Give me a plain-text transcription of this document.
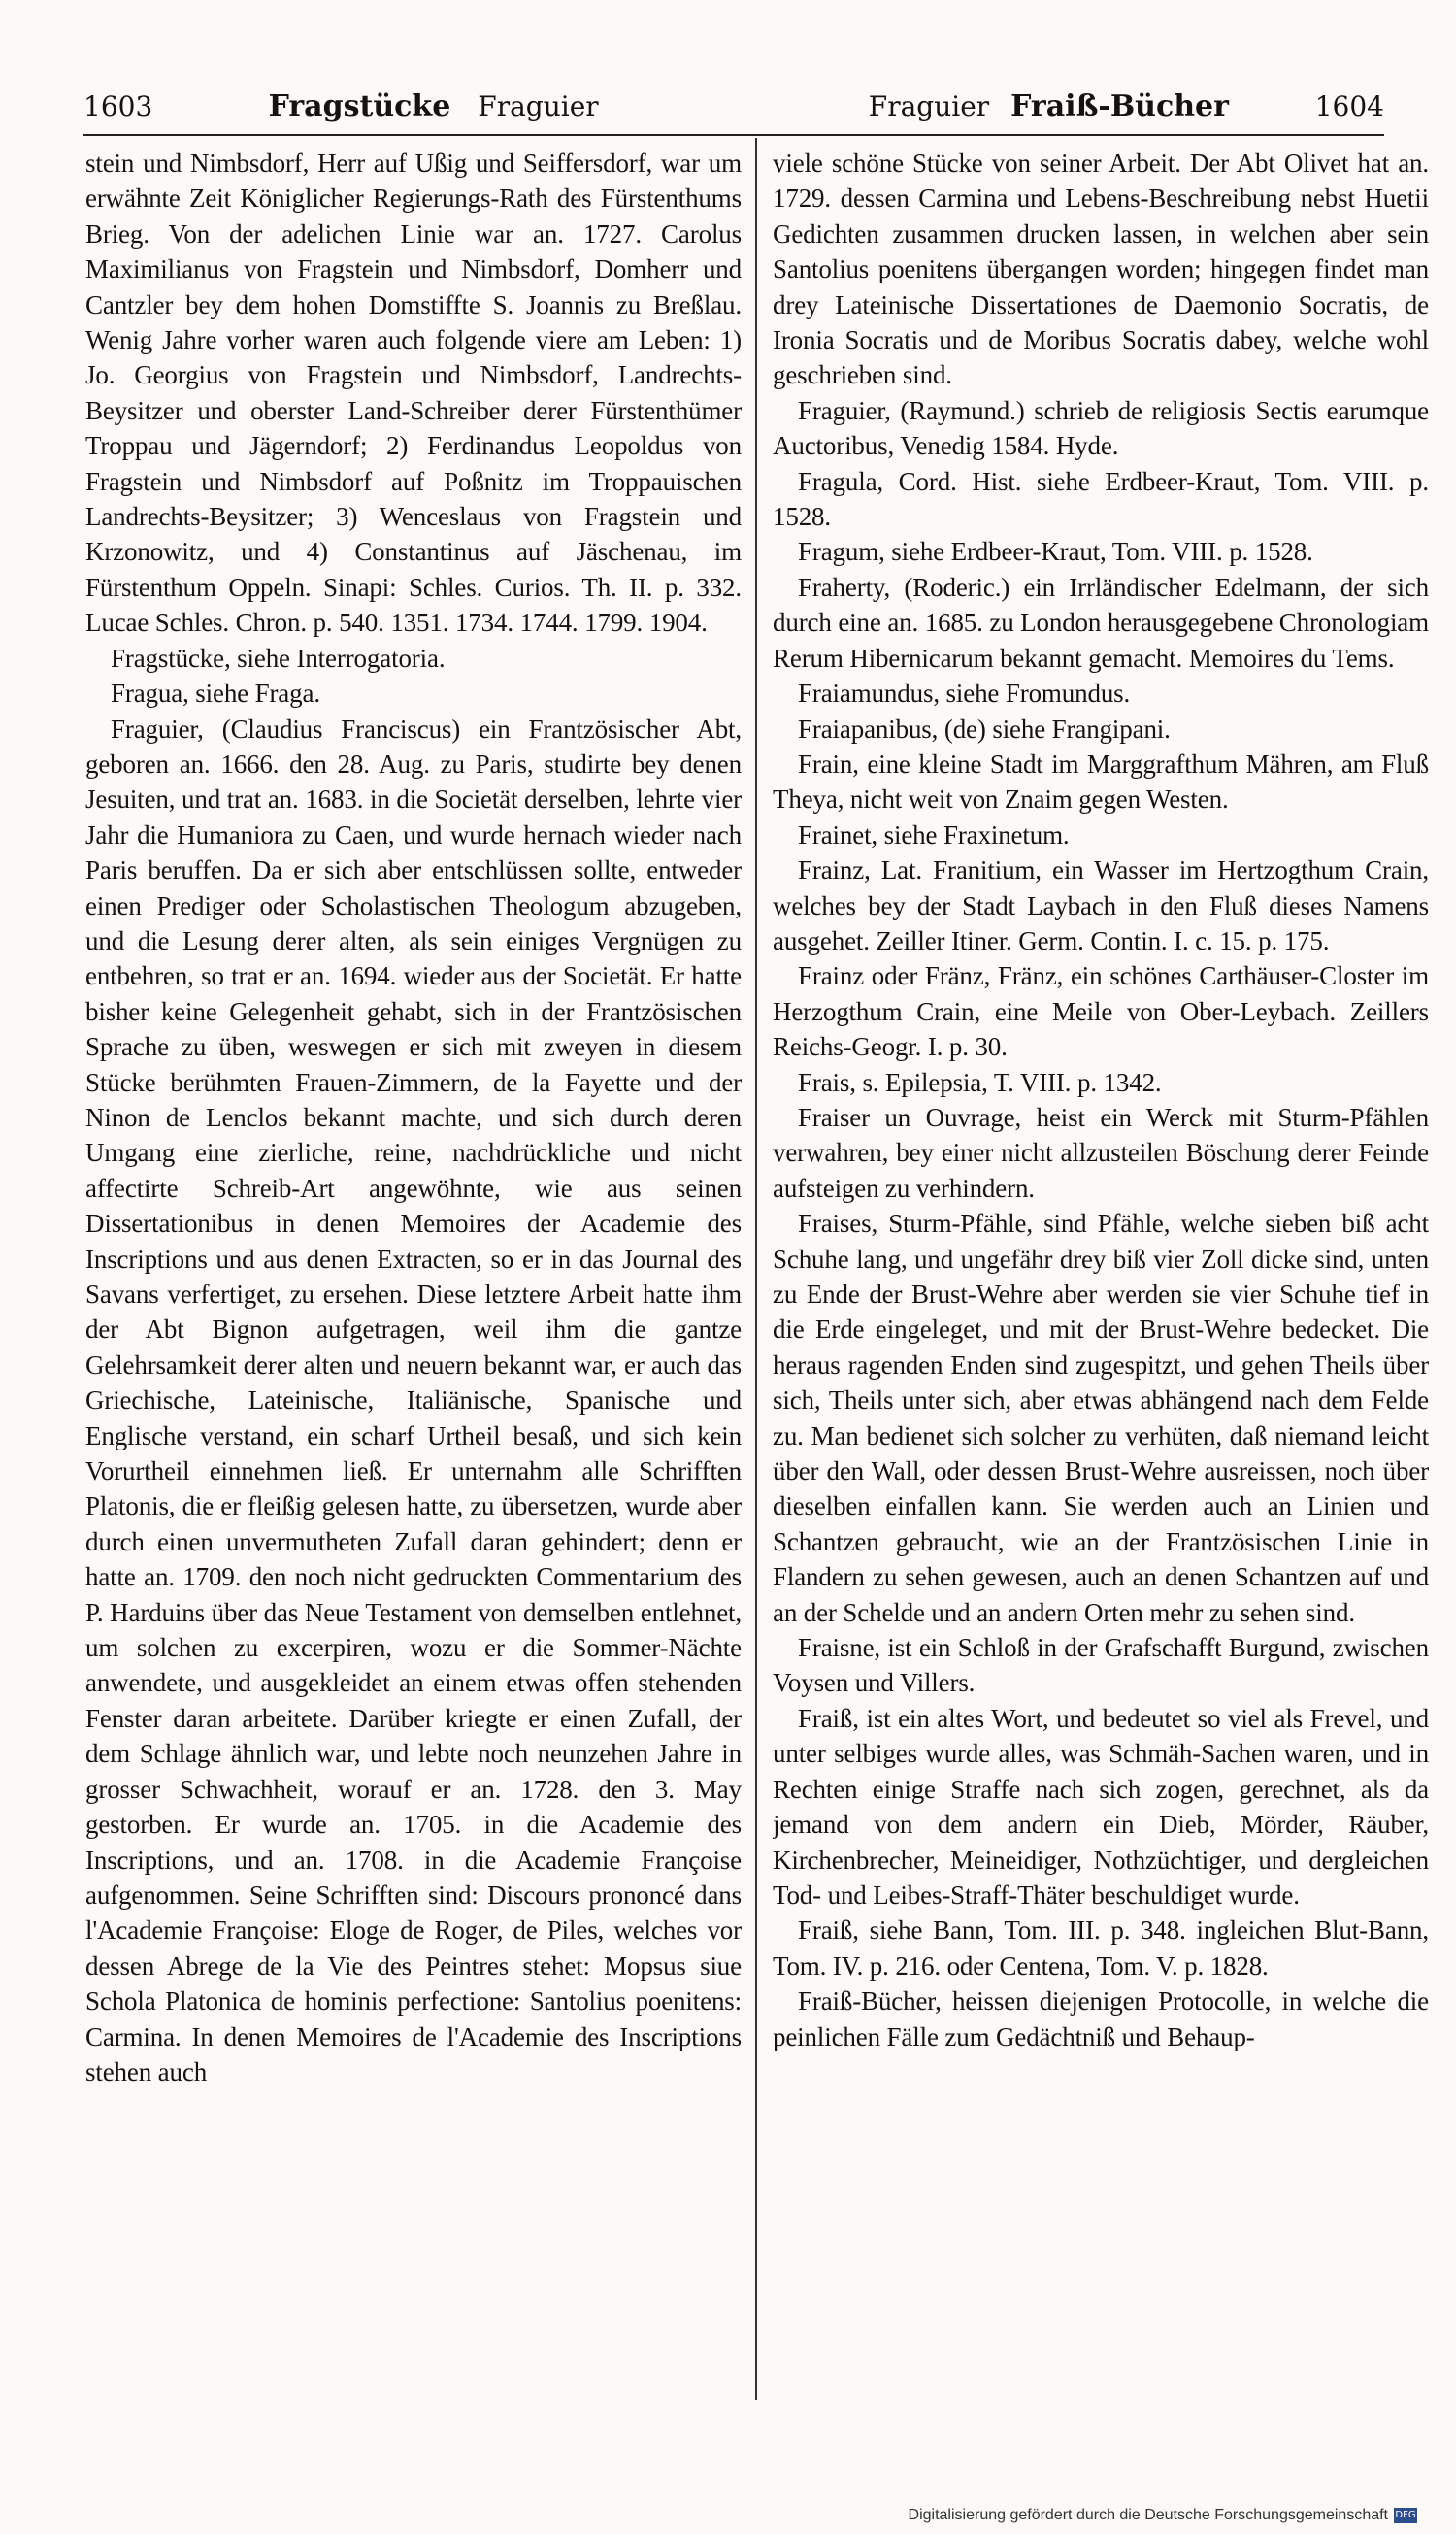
1603	Fragstücke Fraguier	Fraguier Fraiß-Bücher	1604

stein und Nimbsdorf, Herr auf Ußig und Seiffersdorf, war um erwähnte Zeit Königlicher Regierungs-Rath des Fürstenthums Brieg. Von der adelichen Linie war an. 1727. Carolus Maximilianus von Fragstein und Nimbsdorf, Domherr und Cantzler bey dem hohen Domstiffte S. Joannis zu Breßlau. Wenig Jahre vorher waren auch folgende viere am Leben: 1) Jo. Georgius von Fragstein und Nimbsdorf, Landrechts-Beysitzer und oberster Land-Schreiber derer Fürstenthümer Troppau und Jägerndorf; 2) Ferdinandus Leopoldus von Fragstein und Nimbsdorf auf Poßnitz im Troppauischen Landrechts-Beysitzer; 3) Wenceslaus von Fragstein und Krzonowitz, und 4) Constantinus auf Jäschenau, im Fürstenthum Oppeln. Sinapi: Schles. Curios. Th. II. p. 332. Lucae Schles. Chron. p. 540. 1351. 1734. 1744. 1799. 1904.

Fragstücke, siehe Interrogatoria.

Fragua, siehe Fraga.

Fraguier, (Claudius Franciscus) ein Frantzösischer Abt, geboren an. 1666. den 28. Aug. zu Paris, studirte bey denen Jesuiten, und trat an. 1683. in die Societät derselben, lehrte vier Jahr die Humaniora zu Caen, und wurde hernach wieder nach Paris beruffen. Da er sich aber entschlüssen sollte, entweder einen Prediger oder Scholastischen Theologum abzugeben, und die Lesung derer alten, als sein einiges Vergnügen zu entbehren, so trat er an. 1694. wieder aus der Societät. Er hatte bisher keine Gelegenheit gehabt, sich in der Frantzösischen Sprache zu üben, weswegen er sich mit zweyen in diesem Stücke berühmten Frauen-Zimmern, de la Fayette und der Ninon de Lenclos bekannt machte, und sich durch deren Umgang eine zierliche, reine, nachdrückliche und nicht affectirte Schreib-Art angewöhnte, wie aus seinen Dissertationibus in denen Memoires der Academie des Inscriptions und aus denen Extracten, so er in das Journal des Savans verfertiget, zu ersehen. Diese letztere Arbeit hatte ihm der Abt Bignon aufgetragen, weil ihm die gantze Gelehrsamkeit derer alten und neuern bekannt war, er auch das Griechische, Lateinische, Italiänische, Spanische und Englische verstand, ein scharf Urtheil besaß, und sich kein Vorurtheil einnehmen ließ. Er unternahm alle Schrifften Platonis, die er fleißig gelesen hatte, zu übersetzen, wurde aber durch einen unvermutheten Zufall daran gehindert; denn er hatte an. 1709. den noch nicht gedruckten Commentarium des P. Harduins über das Neue Testament von demselben entlehnet, um solchen zu excerpiren, wozu er die Sommer-Nächte anwendete, und ausgekleidet an einem etwas offen stehenden Fenster daran arbeitete. Darüber kriegte er einen Zufall, der dem Schlage ähnlich war, und lebte noch neunzehen Jahre in grosser Schwachheit, worauf er an. 1728. den 3. May gestorben. Er wurde an. 1705. in die Academie des Inscriptions, und an. 1708. in die Academie Françoise aufgenommen. Seine Schrifften sind: Discours prononcé dans l'Academie Françoise: Eloge de Roger, de Piles, welches vor dessen Abrege de la Vie des Peintres stehet: Mopsus siue Schola Platonica de hominis perfectione: Santolius poenitens: Carmina. In denen Memoires de l'Academie des Inscriptions stehen auch

viele schöne Stücke von seiner Arbeit. Der Abt Olivet hat an. 1729. dessen Carmina und Lebens-Beschreibung nebst Huetii Gedichten zusammen drucken lassen, in welchen aber sein Santolius poenitens übergangen worden; hingegen findet man drey Lateinische Dissertationes de Daemonio Socratis, de Ironia Socratis und de Moribus Socratis dabey, welche wohl geschrieben sind.

Fraguier, (Raymund.) schrieb de religiosis Sectis earumque Auctoribus, Venedig 1584. Hyde.

Fragula, Cord. Hist. siehe Erdbeer-Kraut, Tom. VIII. p. 1528.

Fragum, siehe Erdbeer-Kraut, Tom. VIII. p. 1528.

Fraherty, (Roderic.) ein Irrländischer Edelmann, der sich durch eine an. 1685. zu London herausgegebene Chronologiam Rerum Hibernicarum bekannt gemacht. Memoires du Tems.

Fraiamundus, siehe Fromundus.

Fraiapanibus, (de) siehe Frangipani.

Frain, eine kleine Stadt im Marggrafthum Mähren, am Fluß Theya, nicht weit von Znaim gegen Westen.

Frainet, siehe Fraxinetum.

Frainz, Lat. Franitium, ein Wasser im Hertzogthum Crain, welches bey der Stadt Laybach in den Fluß dieses Namens ausgehet. Zeiller Itiner. Germ. Contin. I. c. 15. p. 175.

Frainz oder Fränz, Fränz, ein schönes Carthäuser-Closter im Herzogthum Crain, eine Meile von Ober-Leybach. Zeillers Reichs-Geogr. I. p. 30.

Frais, s. Epilepsia, T. VIII. p. 1342.

Fraiser un Ouvrage, heist ein Werck mit Sturm-Pfählen verwahren, bey einer nicht allzusteilen Böschung derer Feinde aufsteigen zu verhindern.

Fraises, Sturm-Pfähle, sind Pfähle, welche sieben biß acht Schuhe lang, und ungefähr drey biß vier Zoll dicke sind, unten zu Ende der Brust-Wehre aber werden sie vier Schuhe tief in die Erde eingeleget, und mit der Brust-Wehre bedecket. Die heraus ragenden Enden sind zugespitzt, und gehen Theils über sich, Theils unter sich, aber etwas abhängend nach dem Felde zu. Man bedienet sich solcher zu verhüten, daß niemand leicht über den Wall, oder dessen Brust-Wehre ausreissen, noch über dieselben einfallen kann. Sie werden auch an Linien und Schantzen gebraucht, wie an der Frantzösischen Linie in Flandern zu sehen gewesen, auch an denen Schantzen auf und an der Schelde und an andern Orten mehr zu sehen sind.

Fraisne, ist ein Schloß in der Grafschafft Burgund, zwischen Voysen und Villers.

Fraiß, ist ein altes Wort, und bedeutet so viel als Frevel, und unter selbiges wurde alles, was Schmäh-Sachen waren, und in Rechten einige Straffe nach sich zogen, gerechnet, als da jemand von dem andern ein Dieb, Mörder, Räuber, Kirchenbrecher, Meineidiger, Nothzüchtiger, und dergleichen Tod- und Leibes-Straff-Thäter beschuldiget wurde.

Fraiß, siehe Bann, Tom. III. p. 348. ingleichen Blut-Bann, Tom. IV. p. 216. oder Centena, Tom. V. p. 1828.

Fraiß-Bücher, heissen diejenigen Protocolle, in welche die peinlichen Fälle zum Gedächtniß und Behaup-

Digitalisierung gefördert durch die Deutsche Forschungsgemeinschaft DFG
